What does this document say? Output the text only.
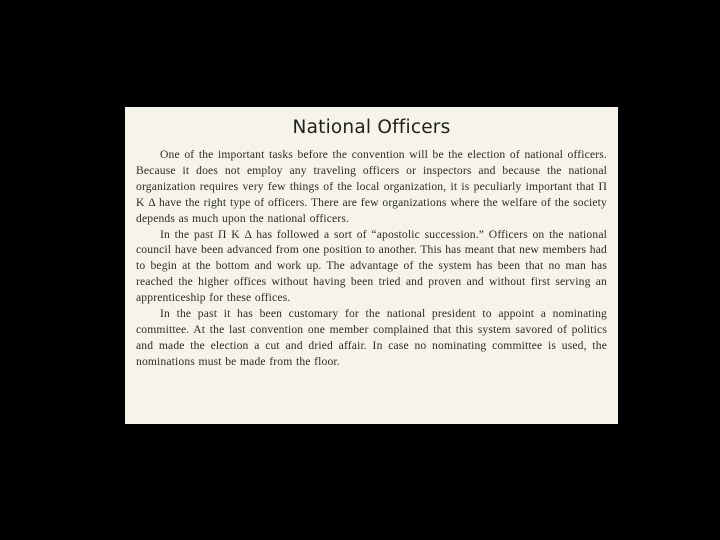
National Officers

One of the important tasks before the convention will be the election of national officers. Because it does not employ any traveling officers or inspectors and because the national organization requires very few things of the local organization, it is peculiarly important that Π K Δ have the right type of officers. There are few organizations where the welfare of the society depends as much upon the national officers.

In the past Π K Δ has followed a sort of “apostolic succession.” Officers on the national council have been advanced from one position to another. This has meant that new members had to begin at the bottom and work up. The advantage of the system has been that no man has reached the higher offices without having been tried and proven and without first serving an apprenticeship for these offices.

In the past it has been customary for the national president to appoint a nominating committee. At the last convention one member complained that this system savored of politics and made the election a cut and dried affair. In case no nominating committee is used, the nominations must be made from the floor.
